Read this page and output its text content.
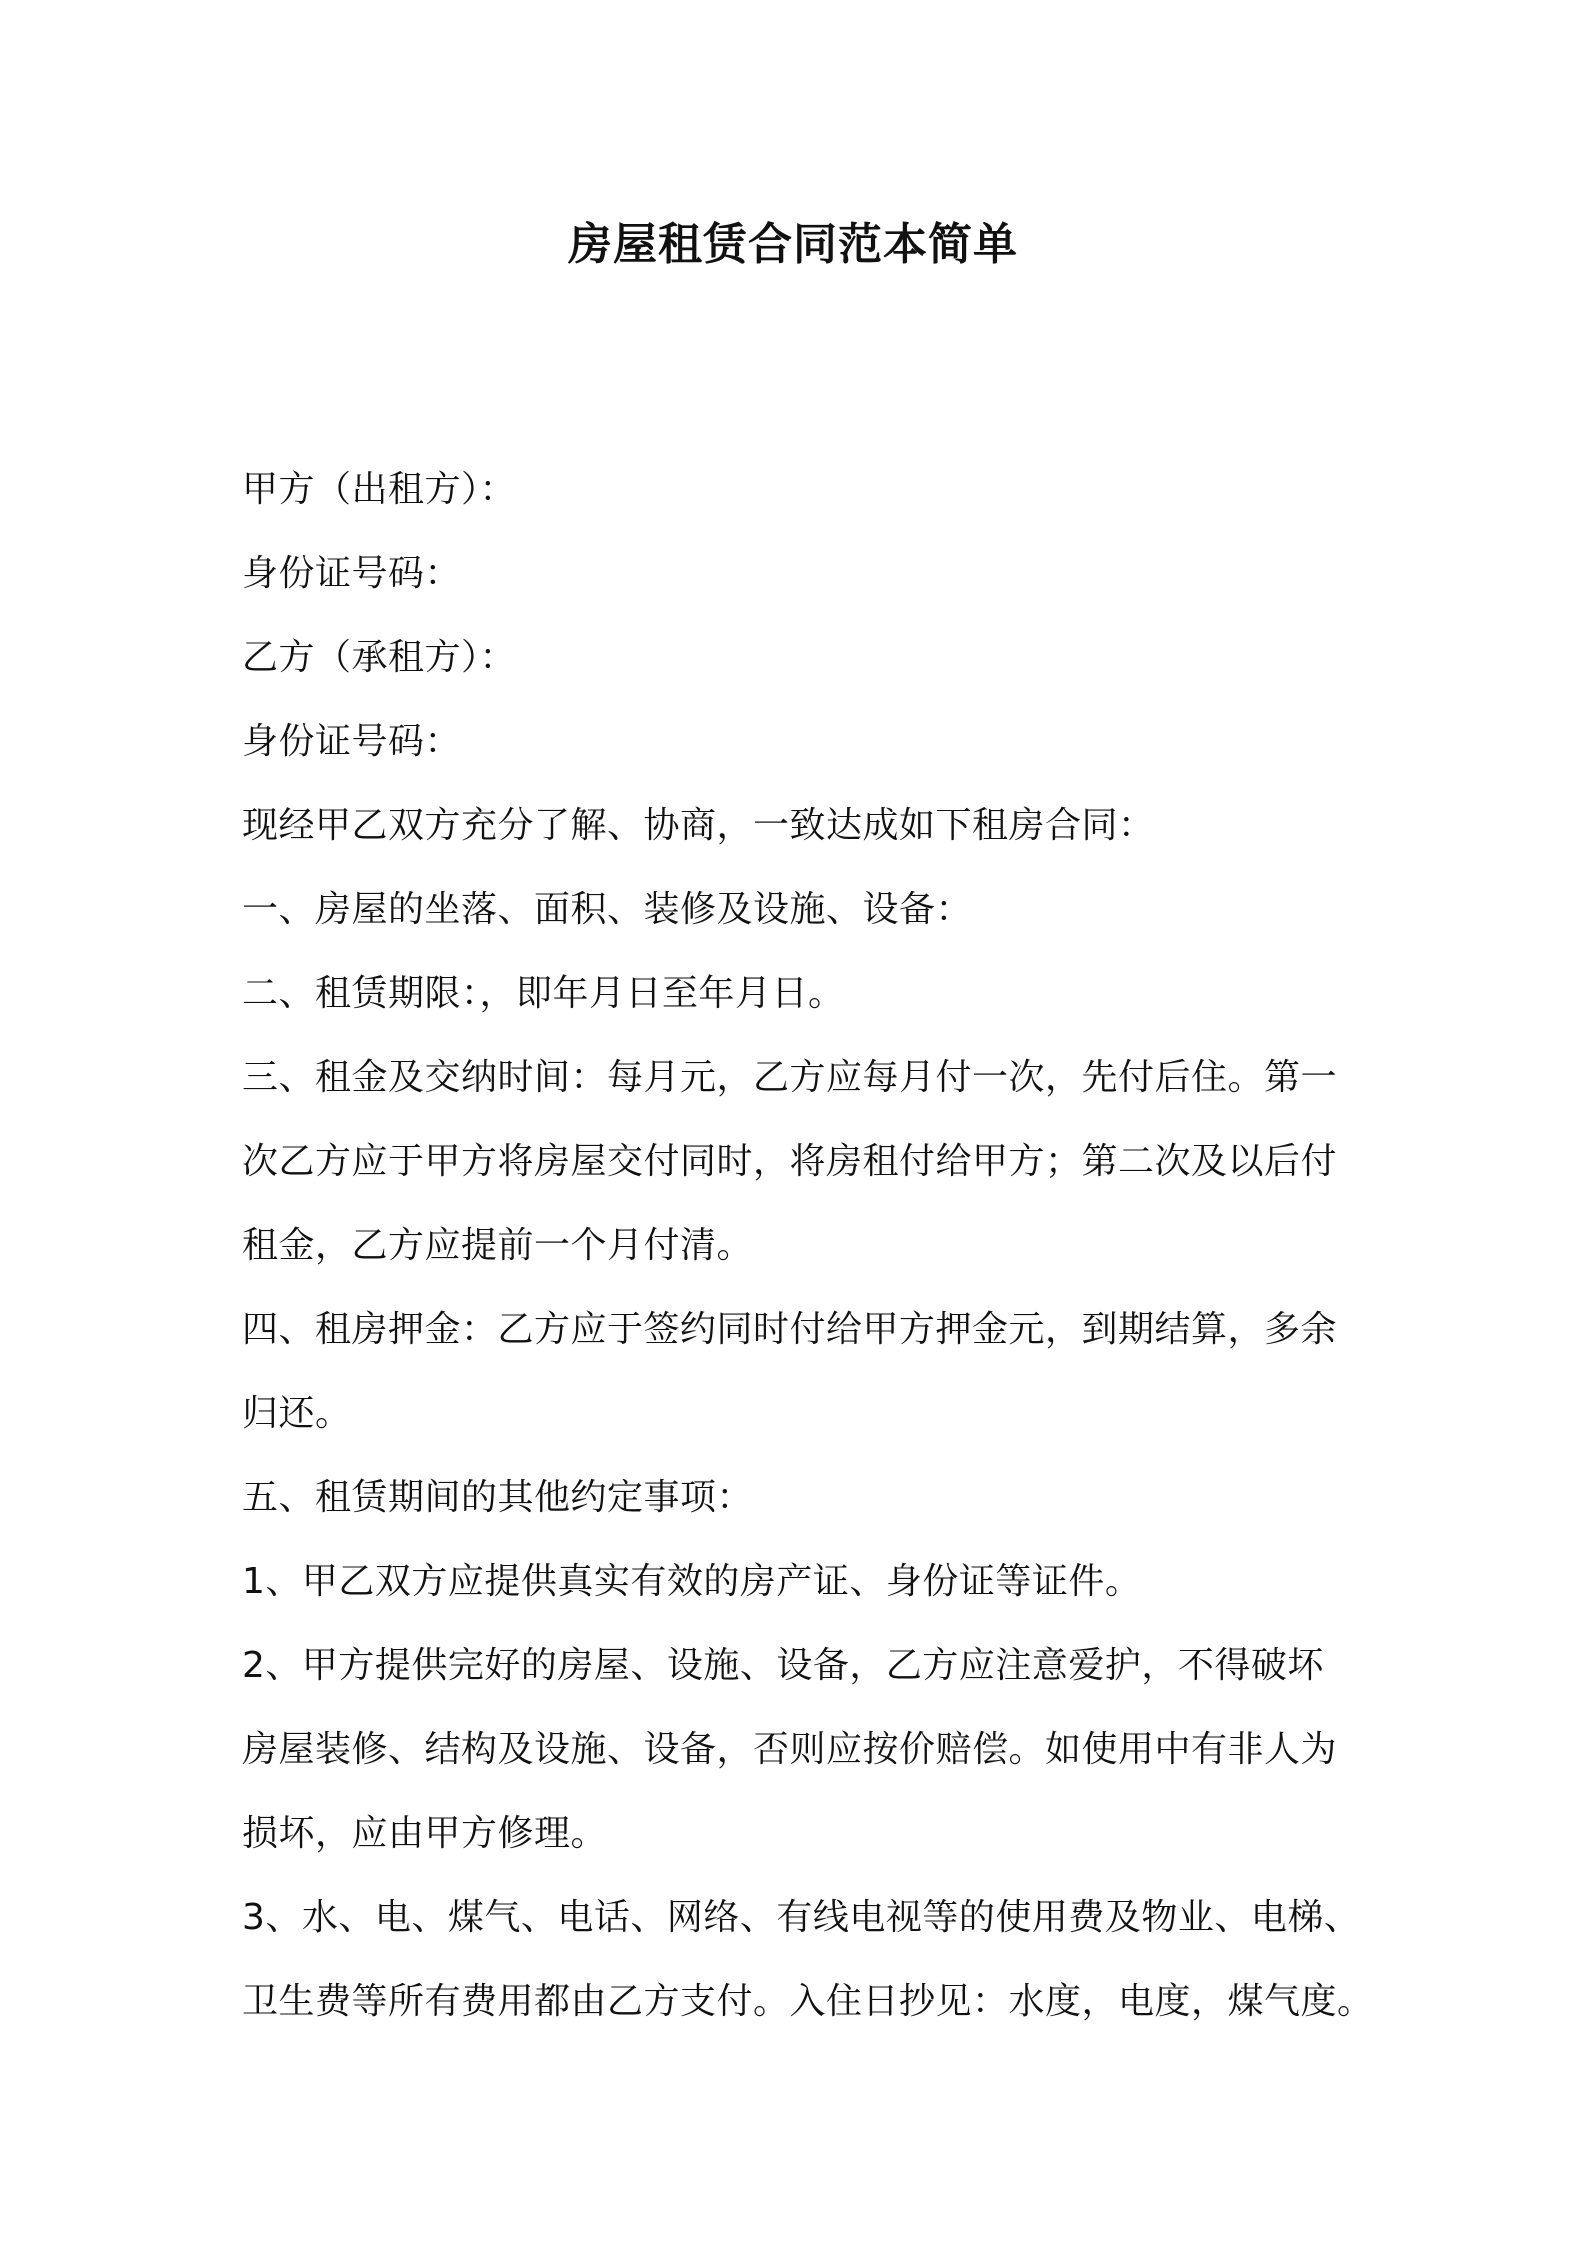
房屋租赁合同范本简单

甲方（出租方）：

身份证号码：

乙方（承租方）：

身份证号码：

现经甲乙双方充分了解、协商，一致达成如下租房合同：

一、房屋的坐落、面积、装修及设施、设备：

二、租赁期限：，即年月日至年月日。

三、租金及交纳时间：每月元，乙方应每月付一次，先付后住。第一

次乙方应于甲方将房屋交付同时，将房租付给甲方；第二次及以后付

租金，乙方应提前一个月付清。

四、租房押金：乙方应于签约同时付给甲方押金元，到期结算，多余

归还。

五、租赁期间的其他约定事项：

1、甲乙双方应提供真实有效的房产证、身份证等证件。

2、甲方提供完好的房屋、设施、设备，乙方应注意爱护，不得破坏

房屋装修、结构及设施、设备，否则应按价赔偿。如使用中有非人为

损坏，应由甲方修理。

3、水、电、煤气、电话、网络、有线电视等的使用费及物业、电梯、

卫生费等所有费用都由乙方支付。入住日抄见：水度，电度，煤气度。
